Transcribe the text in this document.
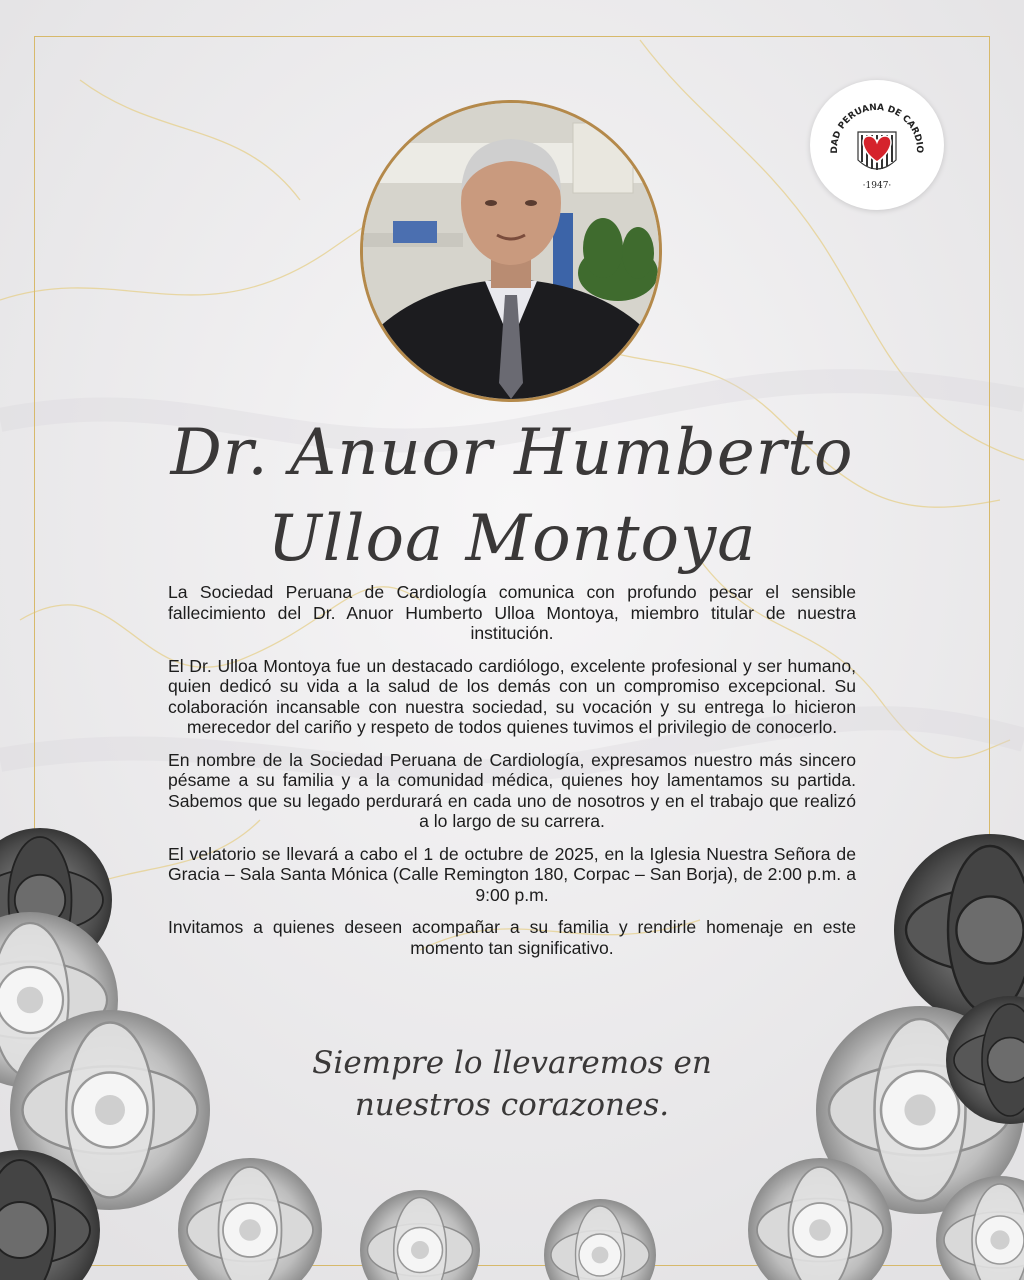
DAD PERUANA DE CARDIO
·1947·
Dr. Anuor Humberto
Ulloa Montoya

La Sociedad Peruana de Cardiología comunica con profundo pesar el sensible fallecimiento del Dr. Anuor Humberto Ulloa Montoya, miembro titular de nuestra institución.

El Dr. Ulloa Montoya fue un destacado cardiólogo, excelente profesional y ser humano, quien dedicó su vida a la salud de los demás con un compromiso excepcional. Su colaboración incansable con nuestra sociedad, su vocación y su entrega lo hicieron merecedor del cariño y respeto de todos quienes tuvimos el privilegio de conocerlo.

En nombre de la Sociedad Peruana de Cardiología, expresamos nuestro más sincero pésame a su familia y a la comunidad médica, quienes hoy lamentamos su partida. Sabemos que su legado perdurará en cada uno de nosotros y en el trabajo que realizó a lo largo de su carrera.

El velatorio se llevará a cabo el 1 de octubre de 2025, en la Iglesia Nuestra Señora de Gracia – Sala Santa Mónica (Calle Remington 180, Corpac – San Borja), de 2:00 p.m. a 9:00 p.m.

Invitamos a quienes deseen acompañar a su familia y rendirle homenaje en este momento tan significativo.

Siempre lo llevaremos en
nuestros corazones.
